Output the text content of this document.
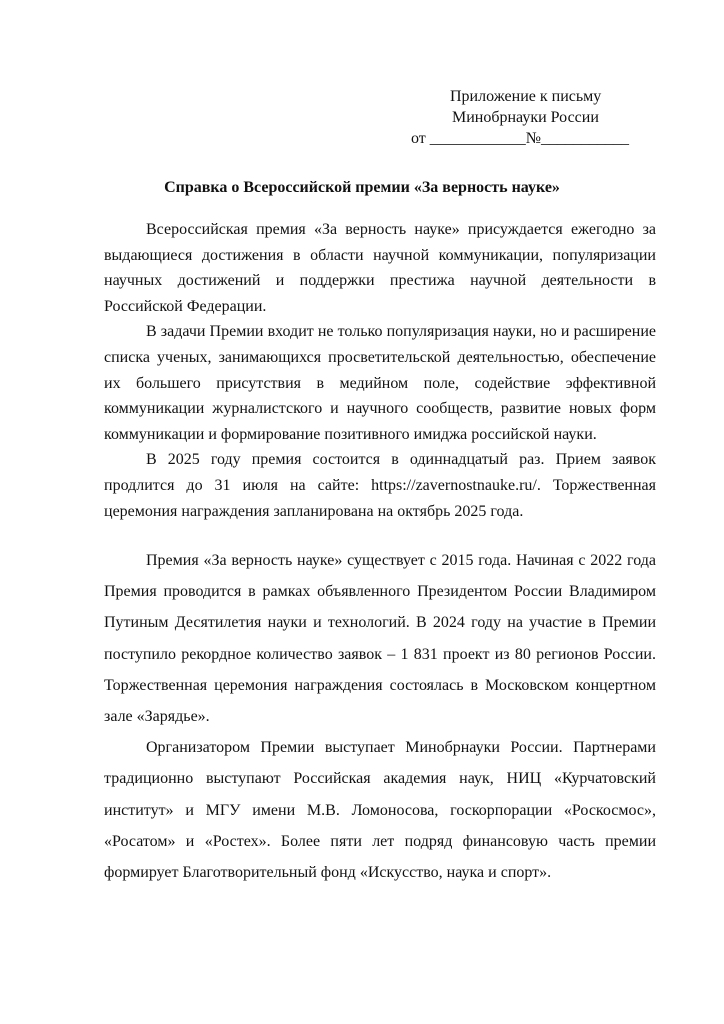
Приложение к письму
Минобрнауки России
от ____________№___________
Справка о Всероссийской премии «За верность науке»

Всероссийская премия «За верность науке» присуждается ежегодно за выдающиеся достижения в области научной коммуникации, популяризации научных достижений и поддержки престижа научной деятельности в Российской Федерации.

В задачи Премии входит не только популяризация науки, но и расширение списка ученых, занимающихся просветительской деятельностью, обеспечение их большего присутствия в медийном поле, содействие эффективной коммуникации журналистского и научного сообществ, развитие новых форм коммуникации и формирование позитивного имиджа российской науки.

В 2025 году премия состоится в одиннадцатый раз. Прием заявок продлится до 31 июля на сайте: https://zavernostnauke.ru/. Торжественная церемония награждения запланирована на октябрь 2025 года.

Премия «За верность науке» существует с 2015 года. Начиная с 2022 года Премия проводится в рамках объявленного Президентом России Владимиром Путиным Десятилетия науки и технологий. В 2024 году на участие в Премии поступило рекордное количество заявок – 1 831 проект из 80 регионов России. Торжественная церемония награждения состоялась в Московском концертном зале «Зарядье».

Организатором Премии выступает Минобрнауки России. Партнерами традиционно выступают Российская академия наук, НИЦ «Курчатовский институт» и МГУ имени М.В. Ломоносова, госкорпорации «Роскосмос», «Росатом» и «Ростех». Более пяти лет подряд финансовую часть премии формирует Благотворительный фонд «Искусство, наука и спорт».
